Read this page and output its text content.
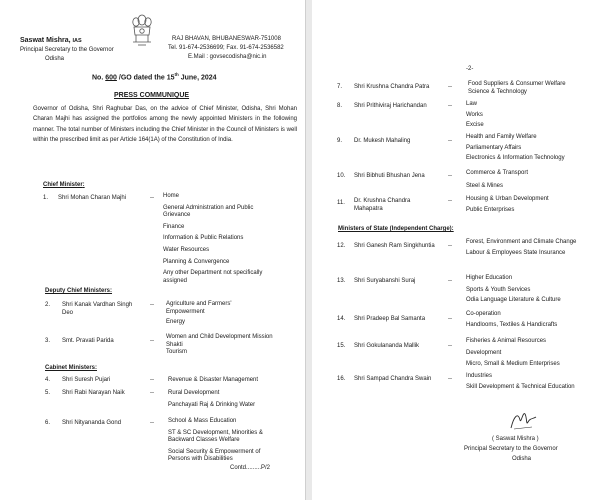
Saswat Mishra, IAS
Principal Secretary to the Governor
Odisha
RAJ BHAVAN, BHUBANESWAR-751008
Tel. 91-674-2536699; Fax. 91-674-2536582
E.Mail : govsecodisha@nic.in
No. 600 /GO dated the 15th June, 2024
PRESS COMMUNIQUE
Governor of Odisha, Shri Raghubar Das, on the advice of Chief Minister, Odisha, Shri Mohan Charan Majhi has assigned the portfolios among the newly appointed Ministers in the following manner. The total number of Ministers including the Chief Minister in the Council of Ministers is well within the prescribed limit as per Article 164(1A) of the Constitution of India.
Chief Minister:
1. Shri Mohan Charan Majhi	-- Home
General Administration and Public Grievance
Finance
Information & Public Relations
Water Resources
Planning & Convergence
Any other Department not specifically assigned
Deputy Chief Ministers:
2. Shri Kanak Vardhan Singh Deo
-- Agriculture and Farmers' Empowerment
Energy
3. Smt. Pravati Parida	--
Women and Child Development Mission Shakti
Tourism
Cabinet Ministers:
4. Shri Suresh Pujari	-- Revenue & Disaster Management
5. Shri Rabi Narayan Naik	-- Rural Development
Panchayati Raj & Drinking Water
6. Shri Nityananda Gond	-- School & Mass Education
ST & SC Development, Minorities & Backward Classes Welfare
Social Security & Empowerment of Persons with Disabilities
Contd.........P/2
-2-
7. Shri Krushna Chandra Patra	--	Food Suppliers & Consumer Welfare
Science & Technology
8. Shri Prithiviraj Harichandan	-- Law
Works
Excise
9. Dr. Mukesh Mahaling	--
Health and Family Welfare
Parliamentary Affairs
Electronics & Information Technology
10. Shri Bibhuti Bhushan Jena	-- Commerce & Transport
Steel & Mines
11. Dr. Krushna Chandra Mahapatra
-- Housing & Urban Development
Public Enterprises
Ministers of State (Independent Charge):
12. Shri Ganesh Ram Singkhuntia --
Forest, Environment and Climate Change
Labour & Employees State Insurance
13. Shri Suryabanshi Suraj	-- Higher Education
Sports & Youth Services
Odia Language Literature & Culture
14. Shri Pradeep Bal Samanta	--
Co-operation
Handlooms, Textiles & Handicrafts
15. Shri Gokulananda Mallik	--
Fisheries & Animal Resources
Development
Micro, Small & Medium Enterprises
16. Shri Sampad Chandra Swain	-- Industries
Skill Development & Technical Education
( Saswat Mishra )
Principal Secretary to the Governor
Odisha
